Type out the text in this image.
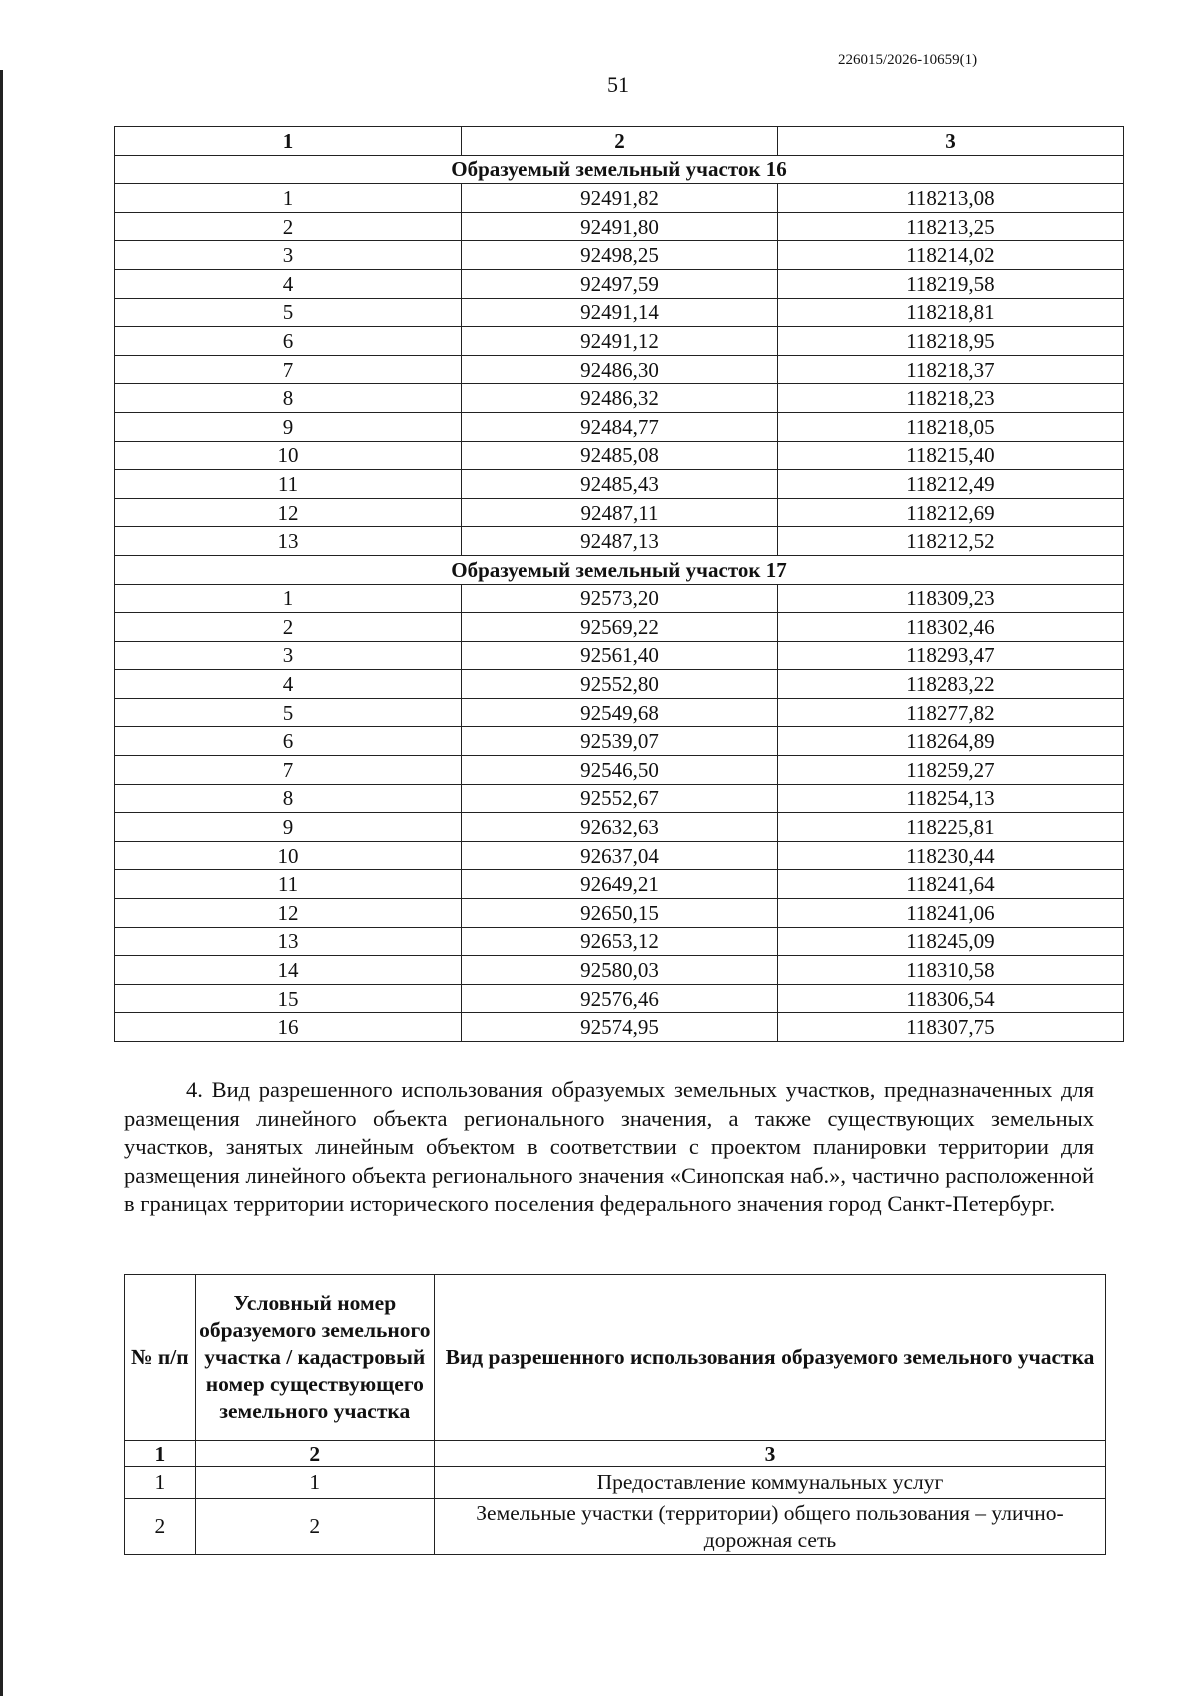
226015/2026-10659(1)
51
1	2	3
Образуемый земельный участок 16		
1	92491,82	118213,08
2	92491,80	118213,25
3	92498,25	118214,02
4	92497,59	118219,58
5	92491,14	118218,81
6	92491,12	118218,95
7	92486,30	118218,37
8	92486,32	118218,23
9	92484,77	118218,05
10	92485,08	118215,40
11	92485,43	118212,49
12	92487,11	118212,69
13	92487,13	118212,52
Образуемый земельный участок 17		
1	92573,20	118309,23
2	92569,22	118302,46
3	92561,40	118293,47
4	92552,80	118283,22
5	92549,68	118277,82
6	92539,07	118264,89
7	92546,50	118259,27
8	92552,67	118254,13
9	92632,63	118225,81
10	92637,04	118230,44
11	92649,21	118241,64
12	92650,15	118241,06
13	92653,12	118245,09
14	92580,03	118310,58
15	92576,46	118306,54
16	92574,95	118307,75
4. Вид разрешенного использования образуемых земельных участков, предназначенных для размещения линейного объекта регионального значения, а также существующих земельных участков, занятых линейным объектом в соответствии с проектом планировки территории для размещения линейного объекта регионального значения «Синопская наб.», частично расположенной в границах территории исторического поселения федерального значения город Санкт-Петербург.
№ п/п	Условный номер образуемого земельного участка / кадастровый номер существующего земельного участка	Вид разрешенного использования образуемого земельного участка
1	2	3
1	1	Предоставление коммунальных услуг
2	2	Земельные участки (территории) общего пользования – улично-дорожная сеть
